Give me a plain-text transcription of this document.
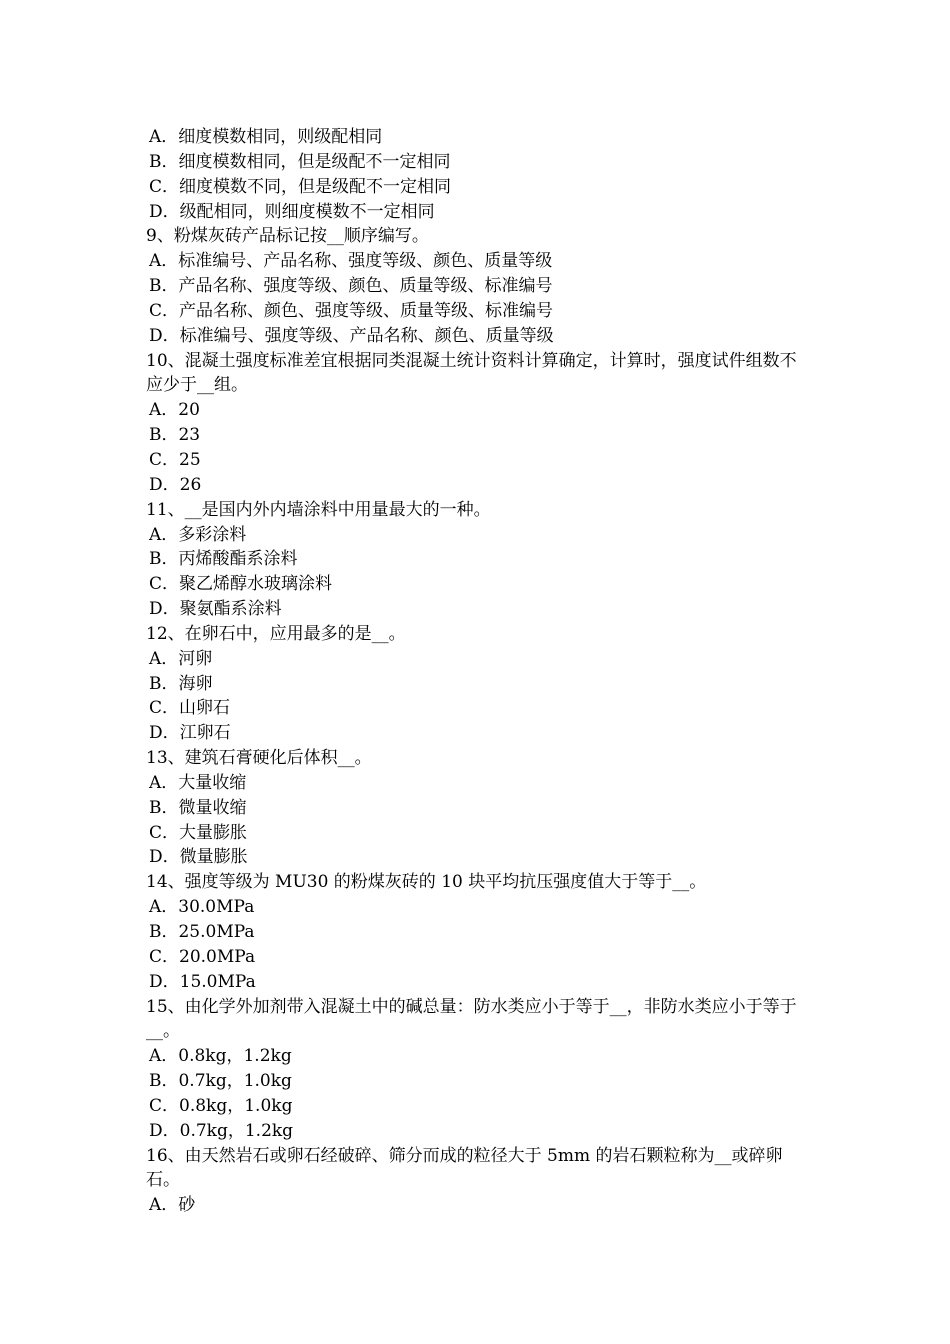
A．细度模数相同，则级配相同
B．细度模数相同，但是级配不一定相同
C．细度模数不同，但是级配不一定相同
D．级配相同，则细度模数不一定相同
9、粉煤灰砖产品标记按__顺序编写。
A．标准编号、产品名称、强度等级、颜色、质量等级
B．产品名称、强度等级、颜色、质量等级、标准编号
C．产品名称、颜色、强度等级、质量等级、标准编号
D．标准编号、强度等级、产品名称、颜色、质量等级
10、混凝土强度标准差宜根据同类混凝土统计资料计算确定，计算时，强度试件组数不应少于__组。
A．20
B．23
C．25
D．26
11、__是国内外内墙涂料中用量最大的一种。
A．多彩涂料
B．丙烯酸酯系涂料
C．聚乙烯醇水玻璃涂料
D．聚氨酯系涂料
12、在卵石中，应用最多的是__。
A．河卵
B．海卵
C．山卵石
D．江卵石
13、建筑石膏硬化后体积__。
A．大量收缩
B．微量收缩
C．大量膨胀
D．微量膨胀
14、强度等级为 MU30 的粉煤灰砖的 10 块平均抗压强度值大于等于__。
A．30.0MPa
B．25.0MPa
C．20.0MPa
D．15.0MPa
15、由化学外加剂带入混凝土中的碱总量：防水类应小于等于__，非防水类应小于等于__。
A．0.8kg，1.2kg
B．0.7kg，1.0kg
C．0.8kg，1.0kg
D．0.7kg，1.2kg
16、由天然岩石或卵石经破碎、筛分而成的粒径大于 5mm 的岩石颗粒称为__或碎卵石。
A．砂
